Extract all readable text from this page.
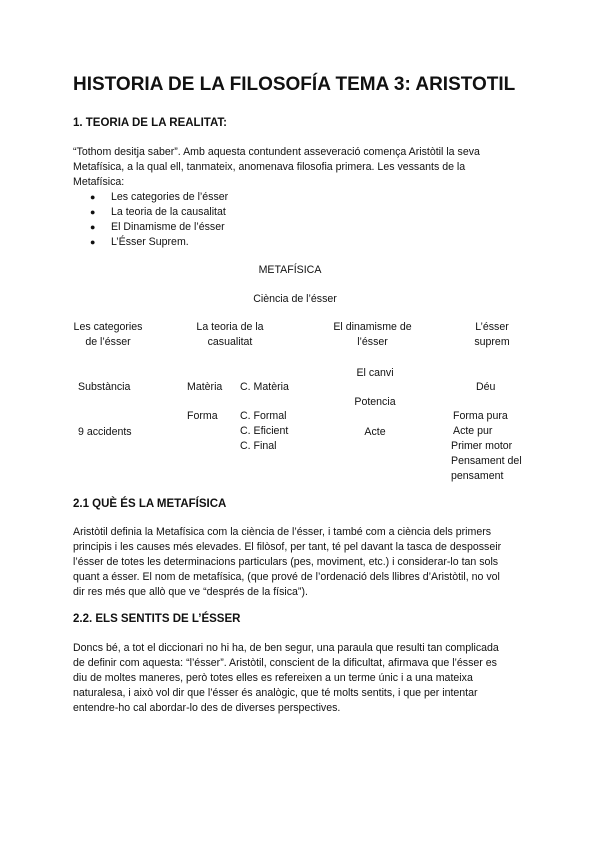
HISTORIA DE LA FILOSOFÍA TEMA 3: ARISTOTIL
1. TEORIA DE LA REALITAT:
“Tothom desitja saber”. Amb aquesta contundent asseveració comença Aristòtil la seva
Metafísica, a la qual ell, tanmateix, anomenava filosofia primera. Les vessants de la
Metafísica:
● Les categories de l’ésser
● La teoria de la causalitat
● El Dinamisme de l’ésser
● L’Ésser Suprem.
METAFÍSICA
Ciència de l’ésser
Les categories
de l’ésser
Substància
9 accidents
La teoria de la
casualitat
Matèria
Forma
C. Matèria
C. Formal
C. Eficient
C. Final
El dinamisme de
l’ésser
El canvi
Potencia
Acte
L’ésser
suprem
Déu
Forma pura
Acte pur
Primer motor
Pensament del
pensament
2.1 QUÈ ÉS LA METAFÍSICA
Aristòtil definia la Metafísica com la ciència de l’ésser, i també com a ciència dels primers
principis i les causes més elevades. El filòsof, per tant, té pel davant la tasca de desposseir
l’ésser de totes les determinacions particulars (pes, moviment, etc.) i considerar-lo tan sols
quant a ésser. El nom de metafísica, (que prové de l’ordenació dels llibres d’Aristòtil, no vol
dir res més que allò que ve “després de la física”).
2.2. ELS SENTITS DE L’ÉSSER
Doncs bé, a tot el diccionari no hi ha, de ben segur, una paraula que resulti tan complicada
de definir com aquesta: “l’ésser”. Aristòtil, conscient de la dificultat, afirmava que l’ésser es
diu de moltes maneres, però totes elles es refereixen a un terme únic i a una mateixa
naturalesa, i això vol dir que l’ésser és analògic, que té molts sentits, i que per intentar
entendre-ho cal abordar-lo des de diverses perspectives.
